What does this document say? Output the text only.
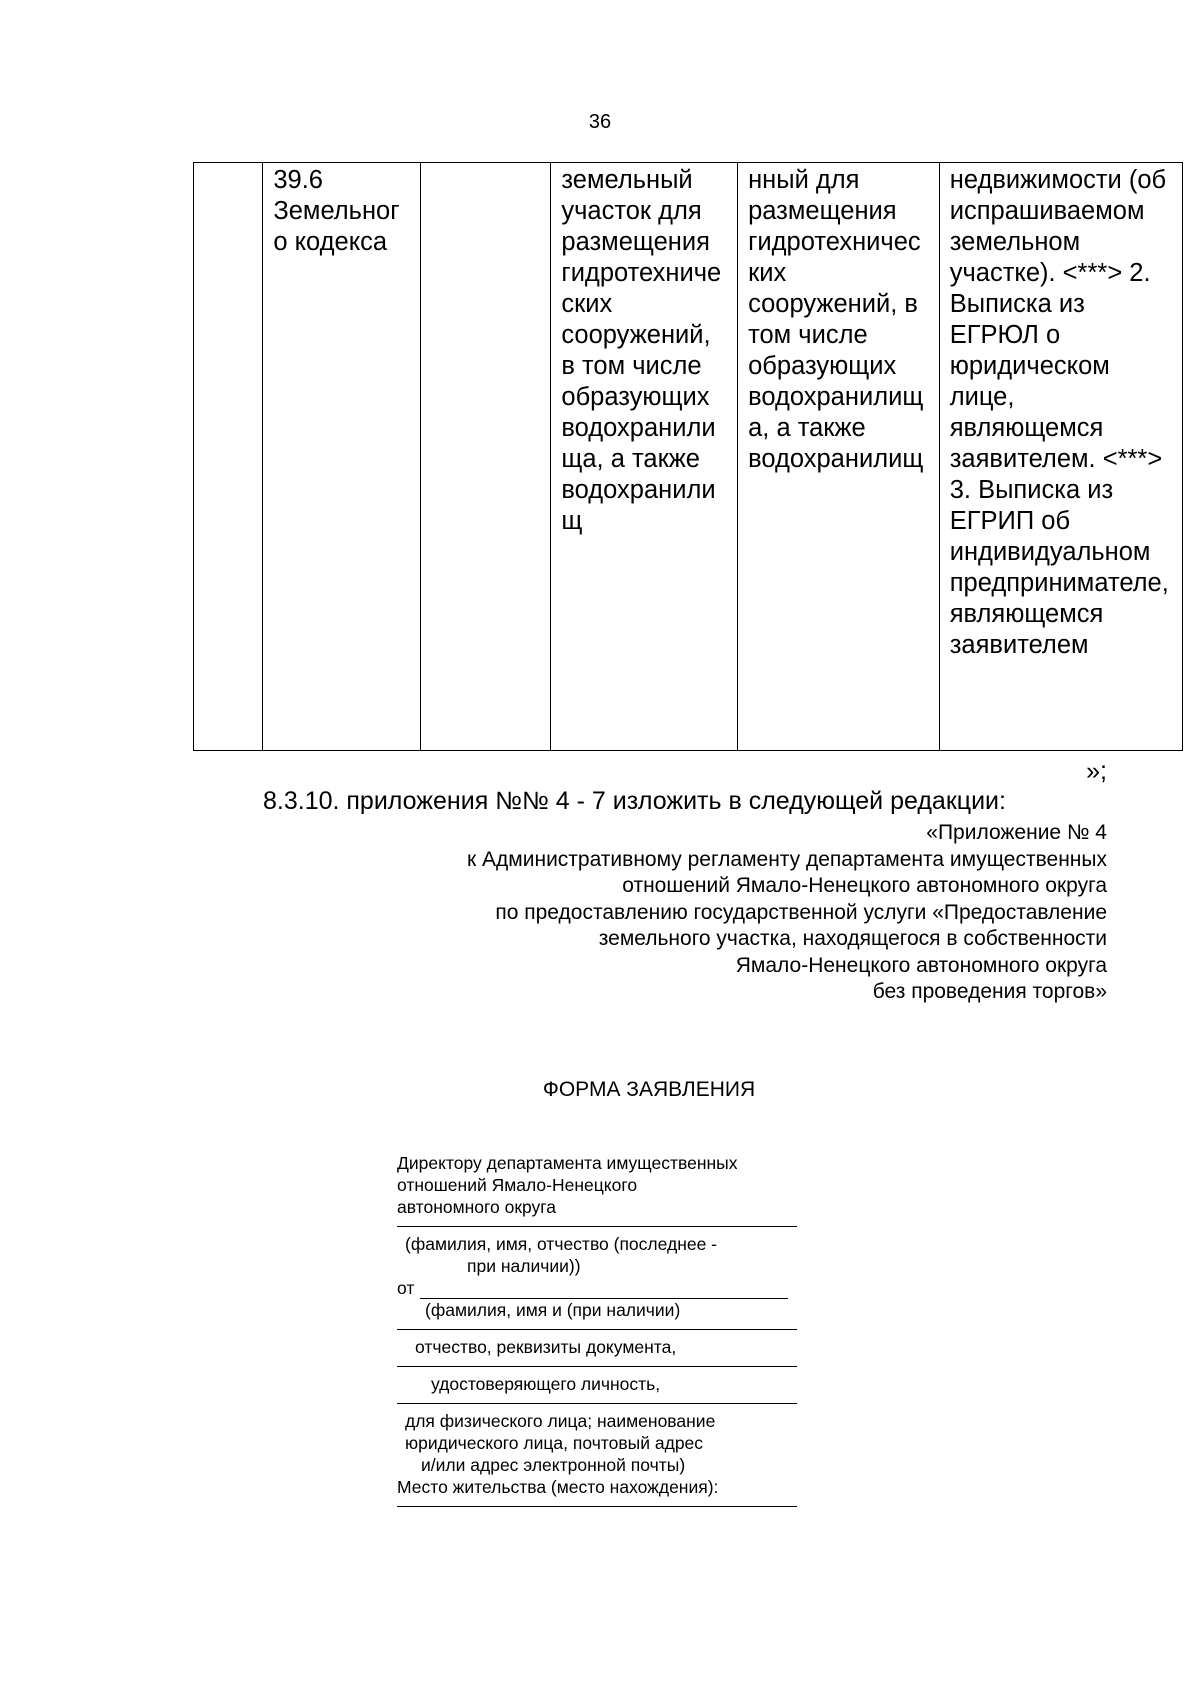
36
	39.6 Земельного кодекса		земельный участок для размещения гидротехнических сооружений, в том числе образующих водохранилища, а также водохранилищ	нный для размещения гидротехнических сооружений, в том числе образующих водохранилища, а также водохранилищ	недвижимости (об испрашиваемом земельном участке). <***> 2. Выписка из ЕГРЮЛ о юридическом лице, являющемся заявителем. <***> 3. Выписка из ЕГРИП об индивидуальном предпринимателе, являющемся заявителем
»;
8.3.10. приложения №№ 4 - 7 изложить в следующей редакции:
«Приложение № 4
к Административному регламенту департамента имущественных
отношений Ямало-Ненецкого автономного округа
по предоставлению государственной услуги «Предоставление
земельного участка, находящегося в собственности
Ямало-Ненецкого автономного округа
без проведения торгов»
ФОРМА ЗАЯВЛЕНИЯ
Директору департамента имущественных
отношений Ямало-Ненецкого
автономного округа
(фамилия, имя, отчество (последнее -
при наличии))
от
(фамилия, имя и (при наличии)
отчество, реквизиты документа,
удостоверяющего личность,
для физического лица; наименование
юридического лица, почтовый адрес
и/или адрес электронной почты)
Место жительства (место нахождения):
